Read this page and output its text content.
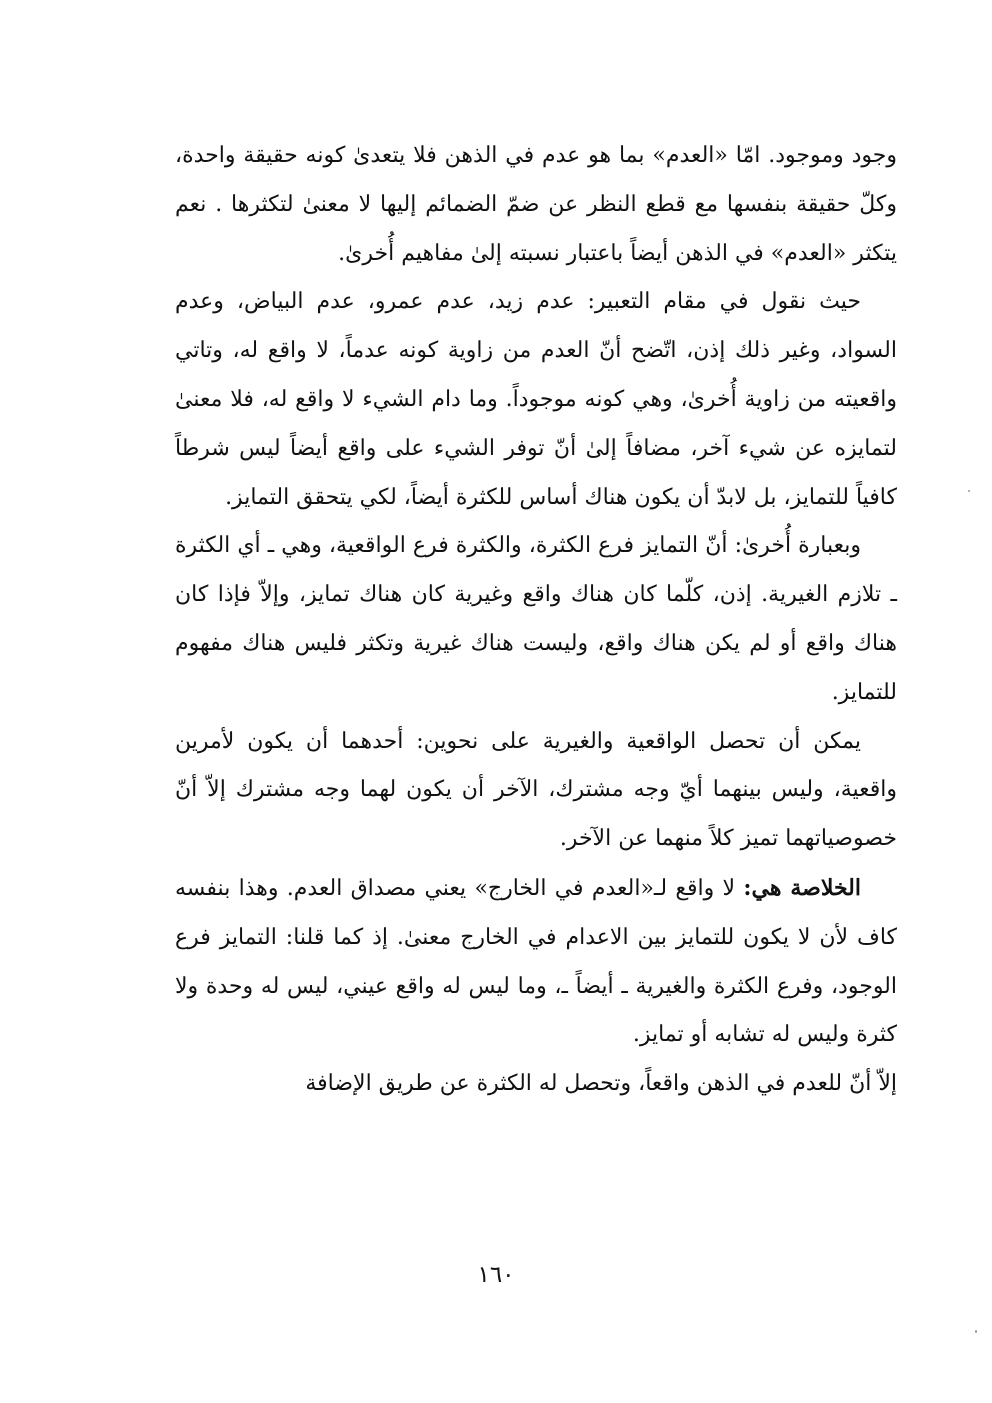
وجود وموجود. امّا «العدم» بما هو عدم في الذهن فلا يتعدىٰ كونه حقيقة واحدة، وكلّ حقيقة بنفسها مع قطع النظر عن ضمّ الضمائم إليها لا معنىٰ لتكثرها . نعم يتكثر «العدم» في الذهن أيضاً باعتبار نسبته إلىٰ مفاهيم أُخرىٰ.

حيث نقول في مقام التعبير: عدم زيد، عدم عمرو، عدم البياض، وعدم السواد، وغير ذلك إذن، اتّضح أنّ العدم من زاوية كونه عدماً، لا واقع له، وتاتي واقعيته من زاوية أُخرىٰ، وهي كونه موجوداً. وما دام الشيء لا واقع له، فلا معنىٰ لتمايزه عن شيء آخر، مضافاً إلىٰ أنّ توفر الشيء على واقع أيضاً ليس شرطاً كافياً للتمايز، بل لابدّ أن يكون هناك أساس للكثرة أيضاً، لكي يتحقق التمايز.

وبعبارة أُخرىٰ: أنّ التمايز فرع الكثرة، والكثرة فرع الواقعية، وهي ـ أي الكثرة ـ تلازم الغيرية. إذن، كلّما كان هناك واقع وغيرية كان هناك تمايز، وإلاّ فإذا كان هناك واقع أو لم يكن هناك واقع، وليست هناك غيرية وتكثر فليس هناك مفهوم للتمايز.

يمكن أن تحصل الواقعية والغيرية على نحوين: أحدهما أن يكون لأمرين واقعية، وليس بينهما أيّ وجه مشترك، الآخر أن يكون لهما وجه مشترك إلاّ أنّ خصوصياتهما تميز كلاً منهما عن الآخر.

الخلاصة هي: لا واقع لـ«العدم في الخارج» يعني مصداق العدم. وهذا بنفسه كاف لأن لا يكون للتمايز بين الاعدام في الخارج معنىٰ. إذ كما قلنا: التمايز فرع الوجود، وفرع الكثرة والغيرية ـ أيضاً ـ، وما ليس له واقع عيني، ليس له وحدة ولا كثرة وليس له تشابه أو تمايز.

إلاّ أنّ للعدم في الذهن واقعاً، وتحصل له الكثرة عن طريق الإضافة

١٦٠
